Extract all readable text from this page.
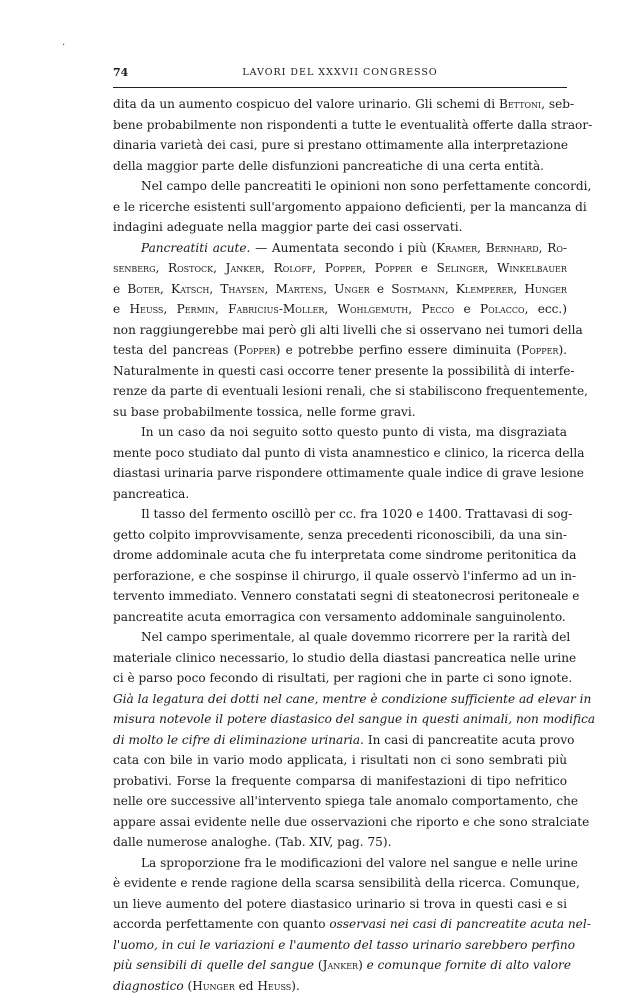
74	LAVORI DEL XXXVII CONGRESSO
dita da un aumento cospicuo del valore urinario. Gli schemi di Bettoni, seb-
bene probabilmente non rispondenti a tutte le eventualità offerte dalla straor-
dinaria varietà dei casi, pure si prestano ottimamente alla interpretazione
della maggior parte delle disfunzioni pancreatiche di una certa entità.
Nel campo delle pancreatiti le opinioni non sono perfettamente concordi,
e le ricerche esistenti sull'argomento appaiono deficienti, per la mancanza di
indagini adeguate nella maggior parte dei casi osservati.
Pancreatiti acute. — Aumentata secondo i più (Kramer, Bernhard, Ro-
senberg, Rostock, Janker, Roloff, Popper, Popper e Selinger, Winkelbauer
e Boter, Katsch, Thaysen, Martens, Unger e Sostmann, Klemperer, Hunger
e Heuss, Permin, Fabricius-Moller, Wohlgemuth, Pecco e Polacco, ecc.)
non raggiungerebbe mai però gli alti livelli che si osservano nei tumori della
testa del pancreas (Popper) e potrebbe perfino essere diminuita (Popper).
Naturalmente in questi casi occorre tener presente la possibilità di interfe-
renze da parte di eventuali lesioni renali, che si stabiliscono frequentemente,
su base probabilmente tossica, nelle forme gravi.
In un caso da noi seguito sotto questo punto di vista, ma disgraziata
mente poco studiato dal punto di vista anamnestico e clinico, la ricerca della
diastasi urinaria parve rispondere ottimamente quale indice di grave lesione
pancreatica.
Il tasso del fermento oscillò per cc. fra 1020 e 1400. Trattavasi di sog-
getto colpito improvvisamente, senza precedenti riconoscibili, da una sin-
drome addominale acuta che fu interpretata come sindrome peritonitica da
perforazione, e che sospinse il chirurgo, il quale osservò l'infermo ad un in-
tervento immediato. Vennero constatati segni di steatonecrosi peritoneale e
pancreatite acuta emorragica con versamento addominale sanguinolento.
Nel campo sperimentale, al quale dovemmo ricorrere per la rarità del
materiale clinico necessario, lo studio della diastasi pancreatica nelle urine
ci è parso poco fecondo di risultati, per ragioni che in parte ci sono ignote.
Già la legatura dei dotti nel cane, mentre è condizione sufficiente ad elevar in
misura notevole il potere diastasico del sangue in questi animali, non modifica
di molto le cifre di eliminazione urinaria. In casi di pancreatite acuta provo
cata con bile in vario modo applicata, i risultati non ci sono sembrati più
probativi. Forse la frequente comparsa di manifestazioni di tipo nefritico
nelle ore successive all'intervento spiega tale anomalo comportamento, che
appare assai evidente nelle due osservazioni che riporto e che sono stralciate
dalle numerose analoghe. (Tab. XIV, pag. 75).
La sproporzione fra le modificazioni del valore nel sangue e nelle urine
è evidente e rende ragione della scarsa sensibilità della ricerca. Comunque,
un lieve aumento del potere diastasico urinario si trova in questi casi e si
accorda perfettamente con quanto osservasi nei casi di pancreatite acuta nel-
l'uomo, in cui le variazioni e l'aumento del tasso urinario sarebbero perfino
più sensibili di quelle del sangue (Janker) e comunque fornite di alto valore
diagnostico (Hunger ed Heuss).
·
